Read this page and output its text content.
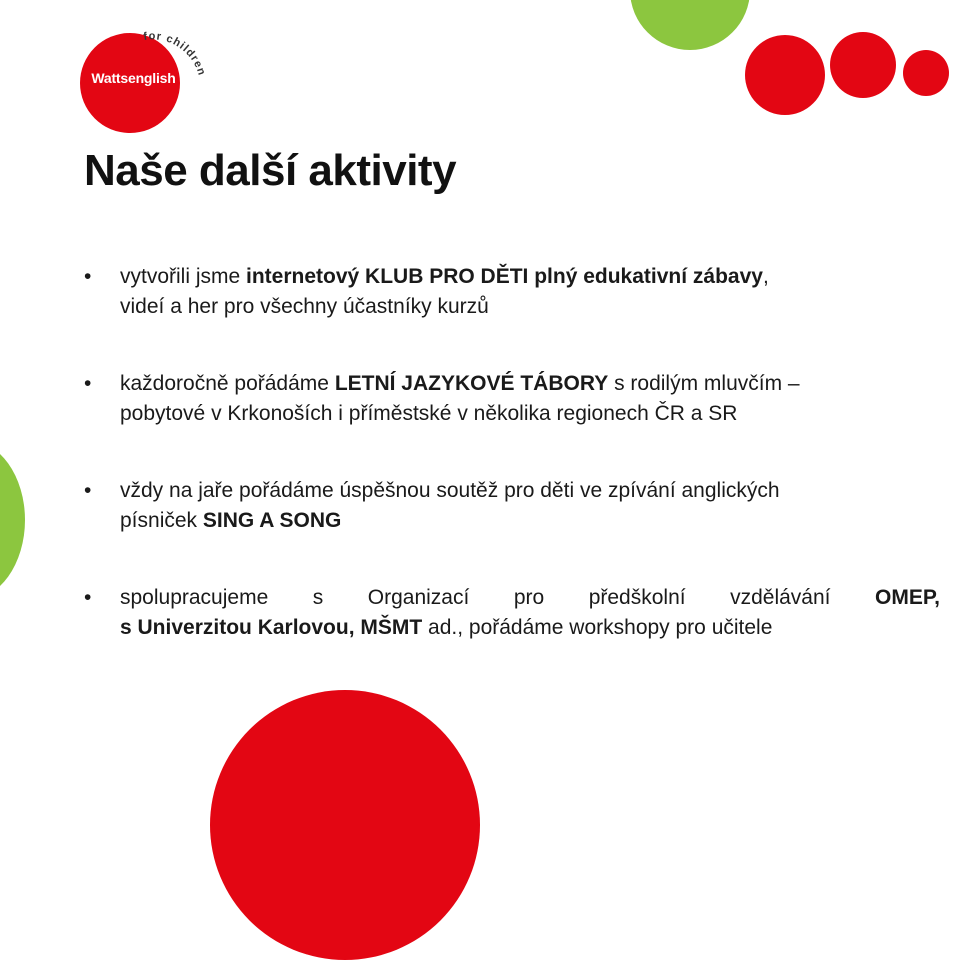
Wattsenglish
for children
Naše další aktivity
• vytvořili jsme internetový KLUB PRO DĚTI plný edukativní zábavy,
videí a her pro všechny účastníky kurzů
• každoročně pořádáme LETNÍ JAZYKOVÉ TÁBORY s rodilým mluvčím –
pobytové v Krkonoších i příměstské v několika regionech ČR a SR
• vždy na jaře pořádáme úspěšnou soutěž pro děti ve zpívání anglických
písniček SING A SONG
• spolupracujeme s Organizací pro předškolní vzdělávání OMEP,
s Univerzitou Karlovou, MŠMT ad., pořádáme workshopy pro učitele
